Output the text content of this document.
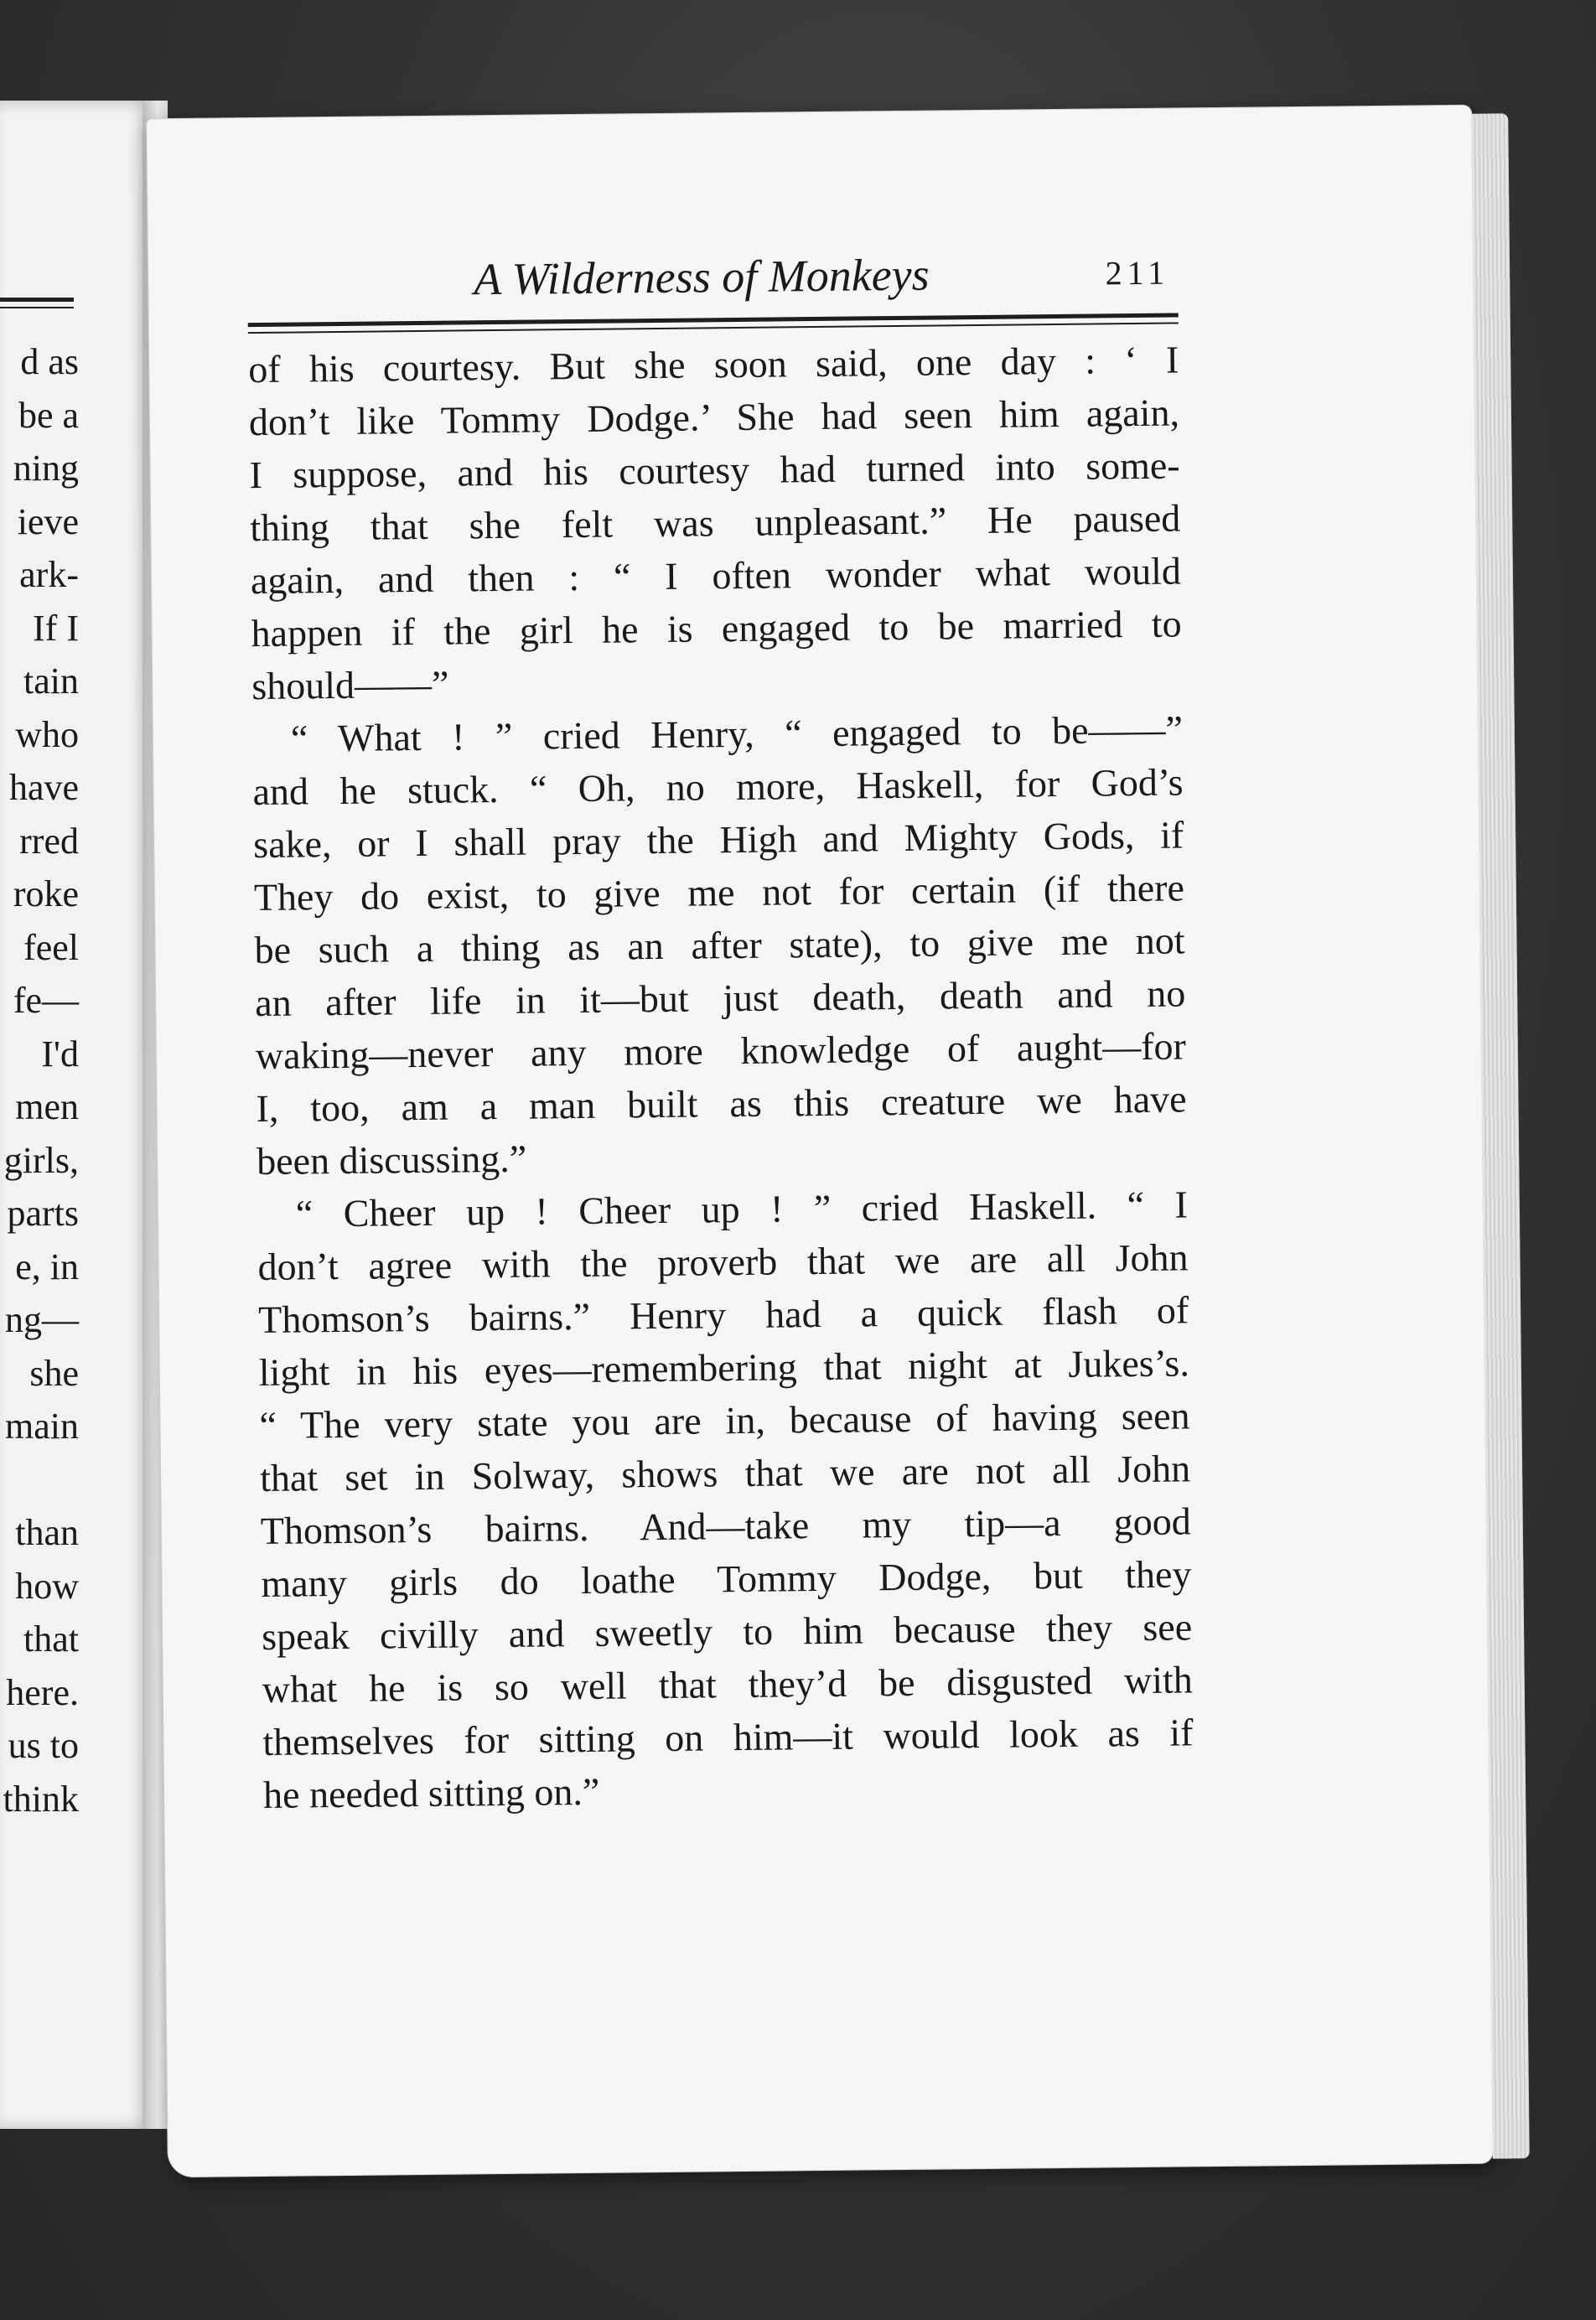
d as
be a
ning
ieve
ark-
If I
tain
who
have
rred
roke
feel
fe—
I'd
men
girls,
parts
e, in
ng—
she
main

than
how
that
here.
us to
think
A Wilderness of Monkeys	211
of his courtesy. But she soon said, one day : ‘ I
don’t like Tommy Dodge.’ She had seen him again,
I suppose, and his courtesy had turned into some-
thing that she felt was unpleasant.” He paused
again, and then : “ I often wonder what would
happen if the girl he is engaged to be married to
should——”
“ What ! ” cried Henry, “ engaged to be——”
and he stuck. “ Oh, no more, Haskell, for God’s
sake, or I shall pray the High and Mighty Gods, if
They do exist, to give me not for certain (if there
be such a thing as an after state), to give me not
an after life in it—but just death, death and no
waking—never any more knowledge of aught—for
I, too, am a man built as this creature we have
been discussing.”
“ Cheer up ! Cheer up ! ” cried Haskell. “ I
don’t agree with the proverb that we are all John
Thomson’s bairns.” Henry had a quick flash of
light in his eyes—remembering that night at Jukes’s.
“ The very state you are in, because of having seen
that set in Solway, shows that we are not all John
Thomson’s bairns. And—take my tip—a good
many girls do loathe Tommy Dodge, but they
speak civilly and sweetly to him because they see
what he is so well that they’d be disgusted with
themselves for sitting on him—it would look as if
he needed sitting on.”
